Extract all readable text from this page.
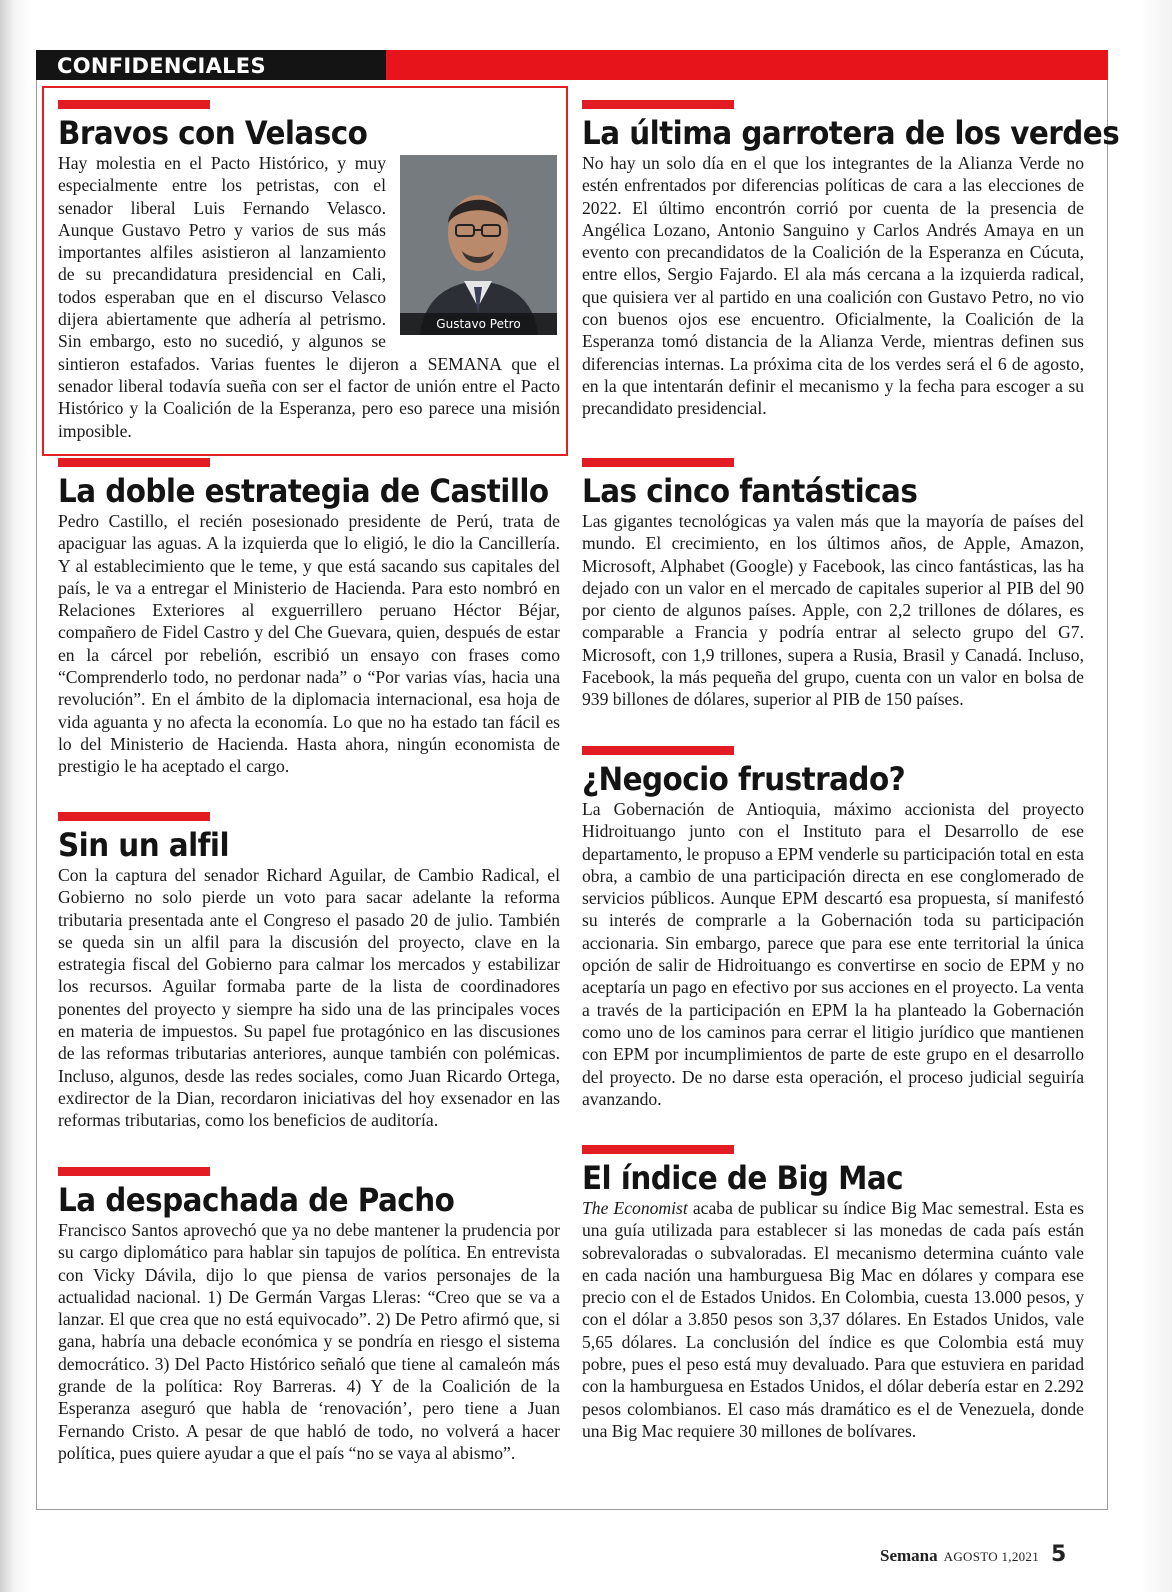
CONFIDENCIALES
Bravos con Velasco

Gustavo Petro
Hay molestia en el Pacto Histórico, y muy especialmente entre los petristas, con el senador liberal Luis Fernando Velasco. Aunque Gustavo Petro y varios de sus más importantes alfiles asistieron al lanzamiento de su precandidatura presidencial en Cali, todos esperaban que en el discurso Velasco dijera abiertamente que adhería al petrismo. Sin embargo, esto no sucedió, y algunos se sintieron estafados. Varias fuentes le dijeron a SEMANA que el senador liberal todavía sueña con ser el factor de unión entre el Pacto Histórico y la Coalición de la Esperanza, pero eso parece una misión imposible.

La doble estrategia de Castillo

Pedro Castillo, el recién posesionado presidente de Perú, trata de apaciguar las aguas. A la izquierda que lo eligió, le dio la Cancillería. Y al establecimiento que le teme, y que está sacando sus capitales del país, le va a entregar el Ministerio de Hacienda. Para esto nombró en Relaciones Exteriores al exguerrillero peruano Héctor Béjar, compañero de Fidel Castro y del Che Guevara, quien, después de estar en la cárcel por rebelión, escribió un ensayo con frases como “Comprenderlo todo, no perdonar nada” o “Por varias vías, hacia una revolución”. En el ámbito de la diplomacia internacional, esa hoja de vida aguanta y no afecta la economía. Lo que no ha estado tan fácil es lo del Ministerio de Hacienda. Hasta ahora, ningún economista de prestigio le ha aceptado el cargo.

Sin un alfil

Con la captura del senador Richard Aguilar, de Cambio Radical, el Gobierno no solo pierde un voto para sacar adelante la reforma tributaria presentada ante el Congreso el pasado 20 de julio. También se queda sin un alfil para la discusión del proyecto, clave en la estrategia fiscal del Gobierno para calmar los mercados y estabilizar los recursos. Aguilar formaba parte de la lista de coordinadores ponentes del proyecto y siempre ha sido una de las principales voces en materia de impuestos. Su papel fue protagónico en las discusiones de las reformas tributarias anteriores, aunque también con polémicas. Incluso, algunos, desde las redes sociales, como Juan Ricardo Ortega, exdirector de la Dian, recordaron iniciativas del hoy exsenador en las reformas tributarias, como los beneficios de auditoría.

La despachada de Pacho

Francisco Santos aprovechó que ya no debe mantener la prudencia por su cargo diplomático para hablar sin tapujos de política. En entrevista con Vicky Dávila, dijo lo que piensa de varios personajes de la actualidad nacional. 1) De Germán Vargas Lleras: “Creo que se va a lanzar. El que crea que no está equivocado”. 2) De Petro afirmó que, si gana, habría una debacle económica y se pondría en riesgo el sistema democrático. 3) Del Pacto Histórico señaló que tiene al camaleón más grande de la política: Roy Barreras. 4) Y de la Coalición de la Esperanza aseguró que habla de ‘renovación’, pero tiene a Juan Fernando Cristo. A pesar de que habló de todo, no volverá a hacer política, pues quiere ayudar a que el país “no se vaya al abismo”.

La última garrotera de los verdes

No hay un solo día en el que los integrantes de la Alianza Verde no estén enfrentados por diferencias políticas de cara a las elecciones de 2022. El último encontrón corrió por cuenta de la presencia de Angélica Lozano, Antonio Sanguino y Carlos Andrés Amaya en un evento con precandidatos de la Coalición de la Esperanza en Cúcuta, entre ellos, Sergio Fajardo. El ala más cercana a la izquierda radical, que quisiera ver al partido en una coalición con Gustavo Petro, no vio con buenos ojos ese encuentro. Oficialmente, la Coalición de la Esperanza tomó distancia de la Alianza Verde, mientras definen sus diferencias internas. La próxima cita de los verdes será el 6 de agosto, en la que intentarán definir el mecanismo y la fecha para escoger a su precandidato presidencial.

Las cinco fantásticas

Las gigantes tecnológicas ya valen más que la mayoría de países del mundo. El crecimiento, en los últimos años, de Apple, Amazon, Microsoft, Alphabet (Google) y Facebook, las cinco fantásticas, las ha dejado con un valor en el mercado de capitales superior al PIB del 90 por ciento de algunos países. Apple, con 2,2 trillones de dólares, es comparable a Francia y podría entrar al selecto grupo del G7. Microsoft, con 1,9 trillones, supera a Rusia, Brasil y Canadá. Incluso, Facebook, la más pequeña del grupo, cuenta con un valor en bolsa de 939 billones de dólares, superior al PIB de 150 países.

¿Negocio frustrado?

La Gobernación de Antioquia, máximo accionista del proyecto Hidroituango junto con el Instituto para el Desarrollo de ese departamento, le propuso a EPM venderle su participación total en esta obra, a cambio de una participación directa en ese conglomerado de servicios públicos. Aunque EPM descartó esa propuesta, sí manifestó su interés de comprarle a la Gobernación toda su participación accionaria. Sin embargo, parece que para ese ente territorial la única opción de salir de Hidroituango es convertirse en socio de EPM y no aceptaría un pago en efectivo por sus acciones en el proyecto. La venta a través de la participación en EPM la ha planteado la Gobernación como uno de los caminos para cerrar el litigio jurídico que mantienen con EPM por incumplimientos de parte de este grupo en el desarrollo del proyecto. De no darse esta operación, el proceso judicial seguiría avanzando.

El índice de Big Mac

The Economist acaba de publicar su índice Big Mac semestral. Esta es una guía utilizada para establecer si las monedas de cada país están sobrevaloradas o subvaloradas. El mecanismo determina cuánto vale en cada nación una hamburguesa Big Mac en dólares y compara ese precio con el de Estados Unidos. En Colombia, cuesta 13.000 pesos, y con el dólar a 3.850 pesos son 3,37 dólares. En Estados Unidos, vale 5,65 dólares. La conclusión del índice es que Colombia está muy pobre, pues el peso está muy devaluado. Para que estuviera en paridad con la hamburguesa en Estados Unidos, el dólar debería estar en 2.292 pesos colombianos. El caso más dramático es el de Venezuela, donde una Big Mac requiere 30 millones de bolívares.

Semana AGOSTO 1,2021 5
